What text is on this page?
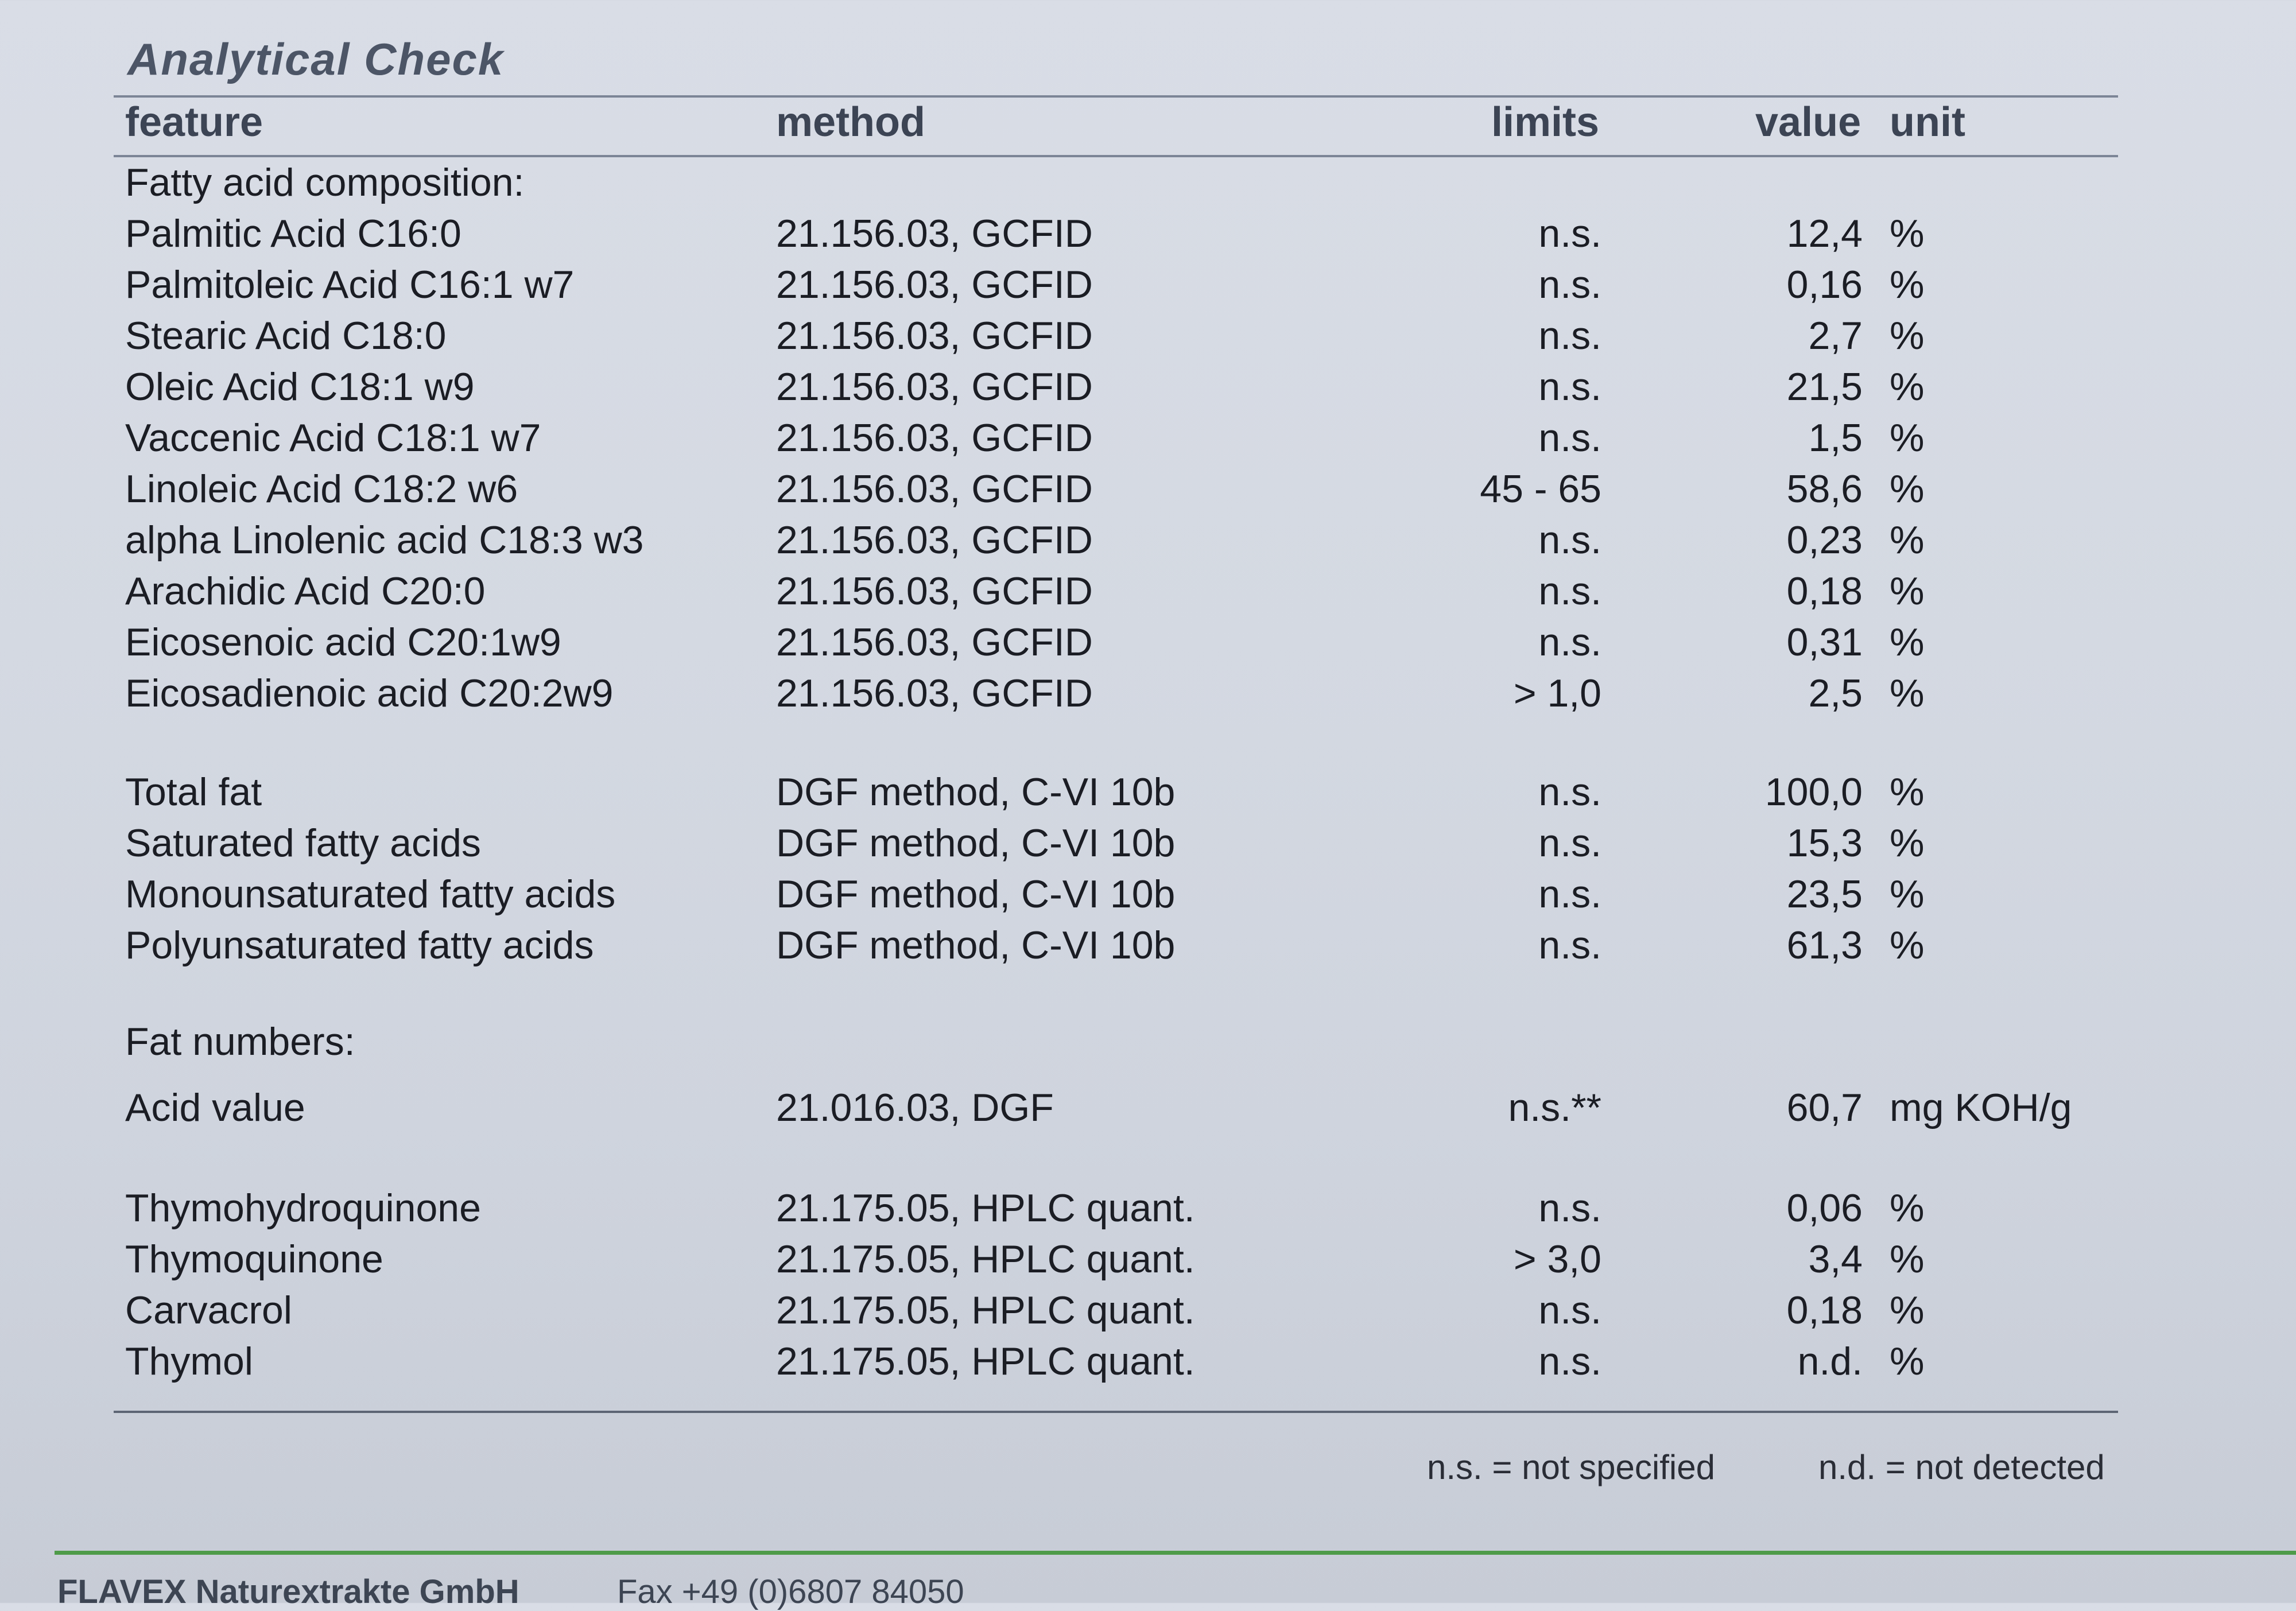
Analytical Check
feature	method	limits	value unit
Fatty acid composition:
Palmitic Acid C16:0	21.156.03, GCFID	n.s.	12,4 %
Palmitoleic Acid C16:1 w7	21.156.03, GCFID	n.s.	0,16 %
Stearic Acid C18:0	21.156.03, GCFID	n.s.	2,7 %
Oleic Acid C18:1 w9	21.156.03, GCFID	n.s.	21,5 %
Vaccenic Acid C18:1 w7	21.156.03, GCFID	n.s.	1,5 %
Linoleic Acid C18:2 w6	21.156.03, GCFID	45 - 65	58,6 %
alpha Linolenic acid C18:3 w3	21.156.03, GCFID	n.s.	0,23 %
Arachidic Acid C20:0	21.156.03, GCFID	n.s.	0,18 %
Eicosenoic acid C20:1w9	21.156.03, GCFID	n.s.	0,31 %
Eicosadienoic acid C20:2w9	21.156.03, GCFID	> 1,0	2,5 %
Total fat	DGF method, C-VI 10b	n.s.	100,0 %
Saturated fatty acids	DGF method, C-VI 10b	n.s.	15,3 %
Monounsaturated fatty acids	DGF method, C-VI 10b	n.s.	23,5 %
Polyunsaturated fatty acids	DGF method, C-VI 10b	n.s.	61,3 %
Fat numbers:
Acid value	21.016.03, DGF	n.s.**	60,7 mg KOH/g
Thymohydroquinone	21.175.05, HPLC quant.	n.s.	0,06 %
Thymoquinone	21.175.05, HPLC quant.	> 3,0	3,4 %
Carvacrol	21.175.05, HPLC quant.	n.s.	0,18 %
Thymol	21.175.05, HPLC quant.	n.s.	n.d. %
n.s. = not specified	n.d. = not detected
FLAVEX Naturextrakte GmbH	Fax +49 (0)6807 84050
